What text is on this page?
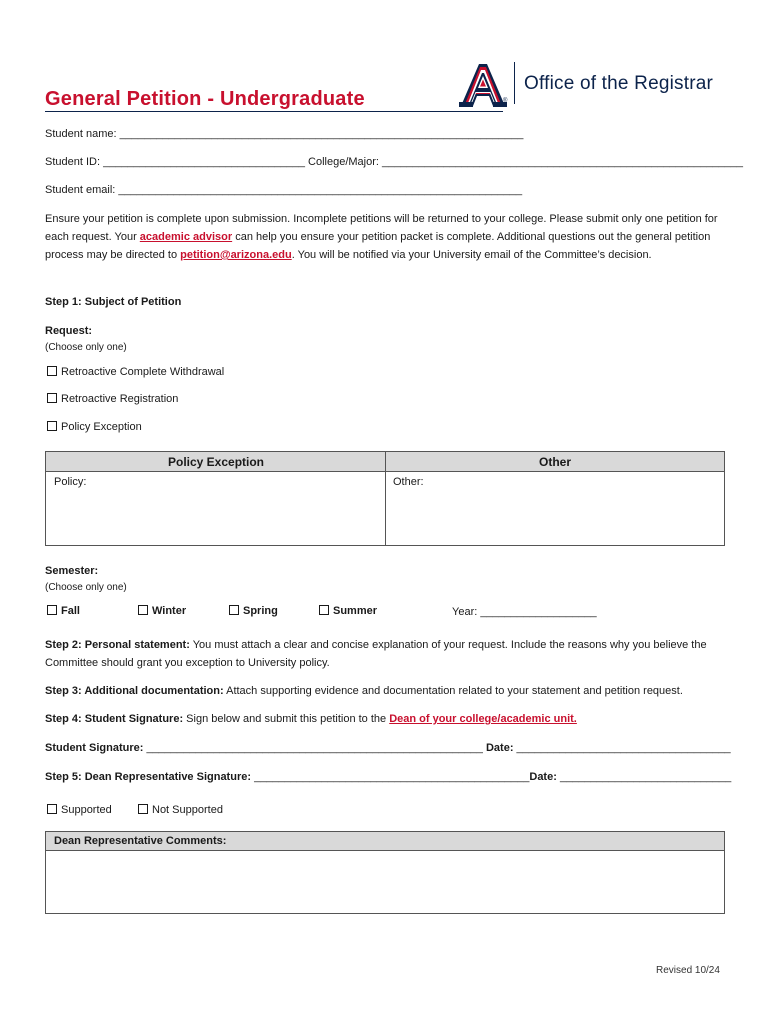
General Petition - Undergraduate	®
Office of the Registrar
Student name: __________________________________________________________________
Student ID: _________________________________ College/Major: ___________________________________________________________
Student email: __________________________________________________________________
Ensure your petition is complete upon submission. Incomplete petitions will be returned to your college. Please submit only one petition for each request. Your academic advisor can help you ensure your petition packet is complete. Additional questions out the general petition process may be directed to petition@arizona.edu. You will be notified via your University email of the Committee’s decision.
Step 1: Subject of Petition
Request:
(Choose only one)
Retroactive Complete Withdrawal
Retroactive Registration
Policy Exception
Policy Exception	Other
Policy:	Other:
Semester:
(Choose only one)
Fall	Winter	Spring	Summer	Year: ___________________
Step 2: Personal statement: You must attach a clear and concise explanation of your request. Include the reasons why you believe the Committee should grant you exception to University policy.
Step 3: Additional documentation: Attach supporting evidence and documentation related to your statement and petition request.
Step 4: Student Signature: Sign below and submit this petition to the Dean of your college/academic unit.
Student Signature: _______________________________________________________ Date: ___________________________________
Step 5: Dean Representative Signature: _____________________________________________Date: ____________________________
Supported	Not Supported
Dean Representative Comments:
Revised 10/24
